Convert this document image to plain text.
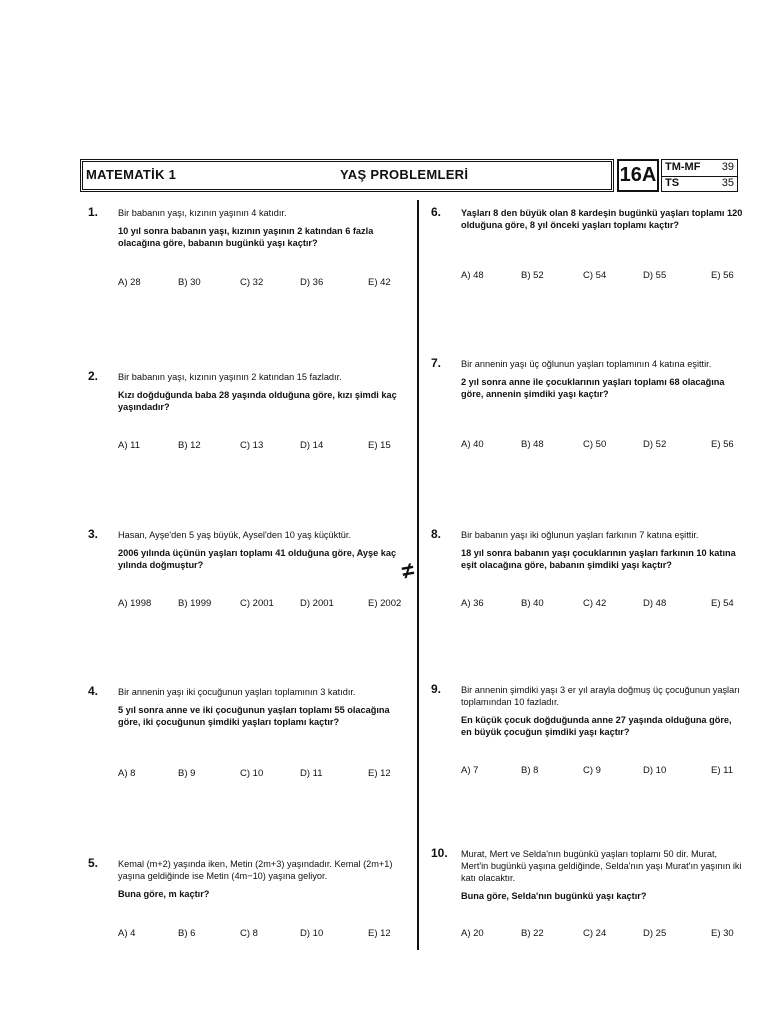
MATEMATİK 1	YAŞ PROBLEMLERİ	16A TM-MF 39
TS	35
≠
1. Bir babanın yaşı, kızının yaşının 4 katıdır.

10 yıl sonra babanın yaşı, kızının yaşının 2 katından 6 fazla olacağına göre, babanın bugünkü yaşı kaçtır?

A) 28	B) 30	C) 32	D) 36	E) 42
2. Bir babanın yaşı, kızının yaşının 2 katından 15 fazladır.

Kızı doğduğunda baba 28 yaşında olduğuna göre, kızı şimdi kaç yaşındadır?

A) 11	B) 12	C) 13	D) 14	E) 15
3. Hasan, Ayşe'den 5 yaş büyük, Aysel'den 10 yaş küçüktür.

2006 yılında üçünün yaşları toplamı 41 olduğuna göre, Ayşe kaç yılında doğmuştur?

A) 1998	B) 1999	C) 2001	D) 2001	E) 2002
4. Bir annenin yaşı iki çocuğunun yaşları toplamının 3 katıdır.

5 yıl sonra anne ve iki çocuğunun yaşları toplamı 55 olacağına göre, iki çocuğunun şimdiki yaşları toplamı kaçtır?

A) 8	B) 9	C) 10	D) 11	E) 12
5. Kemal (m+2) yaşında iken, Metin (2m+3) yaşındadır. Kemal (2m+1) yaşına geldiğinde ise Metin (4m−10) yaşına geliyor.

Buna göre, m kaçtır?

A) 4	B) 6	C) 8	D) 10	E) 12
6. Yaşları 8 den büyük olan 8 kardeşin bugünkü yaşları toplamı 120 olduğuna göre, 8 yıl önceki yaşları toplamı kaçtır?

A) 48	B) 52	C) 54	D) 55	E) 56
7. Bir annenin yaşı üç oğlunun yaşları toplamının 4 katına eşittir.

2 yıl sonra anne ile çocuklarının yaşları toplamı 68 olacağına göre, annenin şimdiki yaşı kaçtır?

A) 40	B) 48	C) 50	D) 52	E) 56
8. Bir babanın yaşı iki oğlunun yaşları farkının 7 katına eşittir.

18 yıl sonra babanın yaşı çocuklarının yaşları farkının 10 katına eşit olacağına göre, babanın şimdiki yaşı kaçtır?

A) 36	B) 40	C) 42	D) 48	E) 54
9. Bir annenin şimdiki yaşı 3 er yıl arayla doğmuş üç çocuğunun yaşları toplamından 10 fazladır.

En küçük çocuk doğduğunda anne 27 yaşında olduğuna göre, en büyük çocuğun şimdiki yaşı kaçtır?

A) 7	B) 8	C) 9	D) 10	E) 11
10. Murat, Mert ve Selda'nın bugünkü yaşları toplamı 50 dir. Murat, Mert'in bugünkü yaşına geldiğinde, Selda'nın yaşı Murat'ın yaşının iki katı olacaktır.

Buna göre, Selda'nın bugünkü yaşı kaçtır?

A) 20	B) 22	C) 24	D) 25	E) 30
